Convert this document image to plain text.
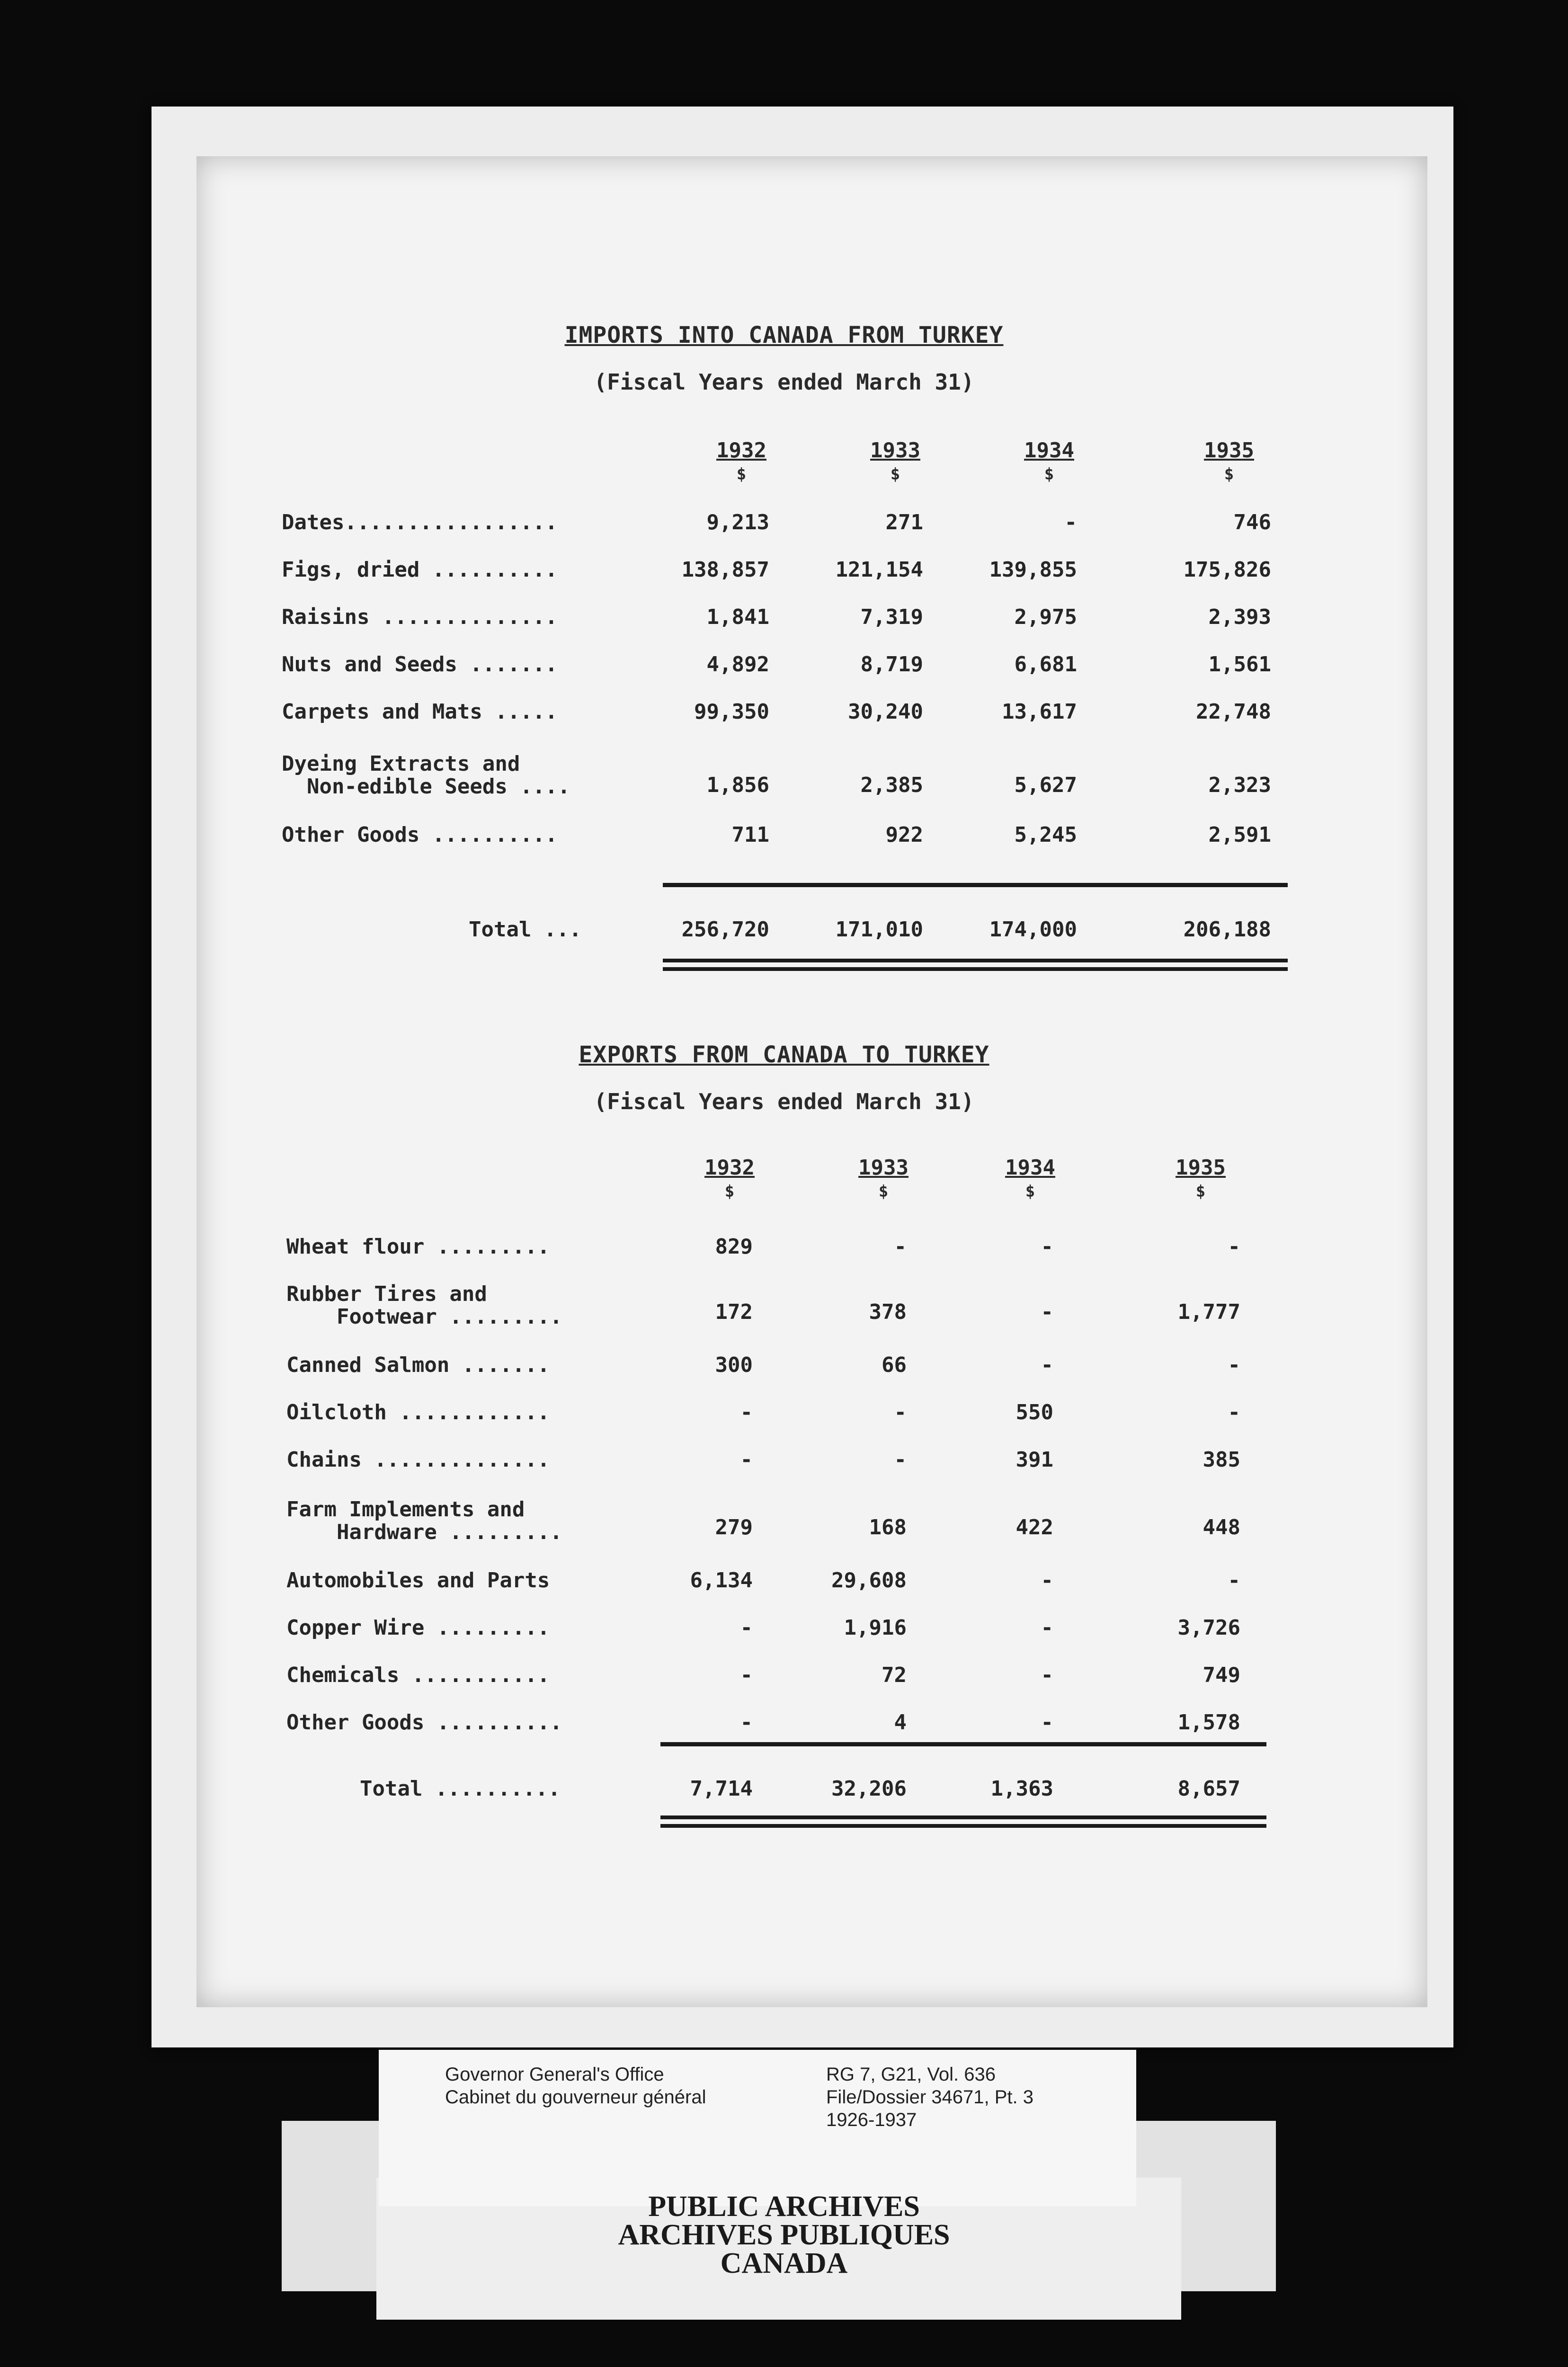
IMPORTS INTO CANADA FROM TURKEY
(Fiscal Years ended March 31)
1932	1933	1934	1935
$	$	$	$
Dates.................	9,213	271	-	746
Figs, dried ..........	138,857	121,154	139,855	175,826
Raisins ..............	1,841	7,319	2,975	2,393
Nuts and Seeds .......	4,892	8,719	6,681	1,561
Carpets and Mats .....	99,350	30,240	13,617	22,748
Dyeing Extracts and
Non-edible Seeds ....	1,856	2,385	5,627	2,323
Other Goods ..........	711	922	5,245	2,591
Total ...	256,720	171,010	174,000	206,188
EXPORTS FROM CANADA TO TURKEY
(Fiscal Years ended March 31)
1932	1933	1934	1935
$	$	$	$
Wheat flour .........	829	-	-	-
Rubber Tires and
Footwear .........	172	378	-	1,777
Canned Salmon .......	300	66	-	-
Oilcloth ............	-	-	550	-
Chains ..............	-	-	391	385
Farm Implements and
Hardware .........	279	168	422	448
Automobiles and Parts	6,134	29,608	-	-
Copper Wire .........	-	1,916	-	3,726
Chemicals ...........	-	72	-	749
Other Goods ..........	-	4	-	1,578
Total ..........	7,714	32,206	1,363	8,657
Governor General's Office
Cabinet du gouverneur général
RG 7, G21, Vol. 636
File/Dossier 34671, Pt. 3
1926-1937
PUBLIC ARCHIVES
ARCHIVES PUBLIQUES
CANADA
